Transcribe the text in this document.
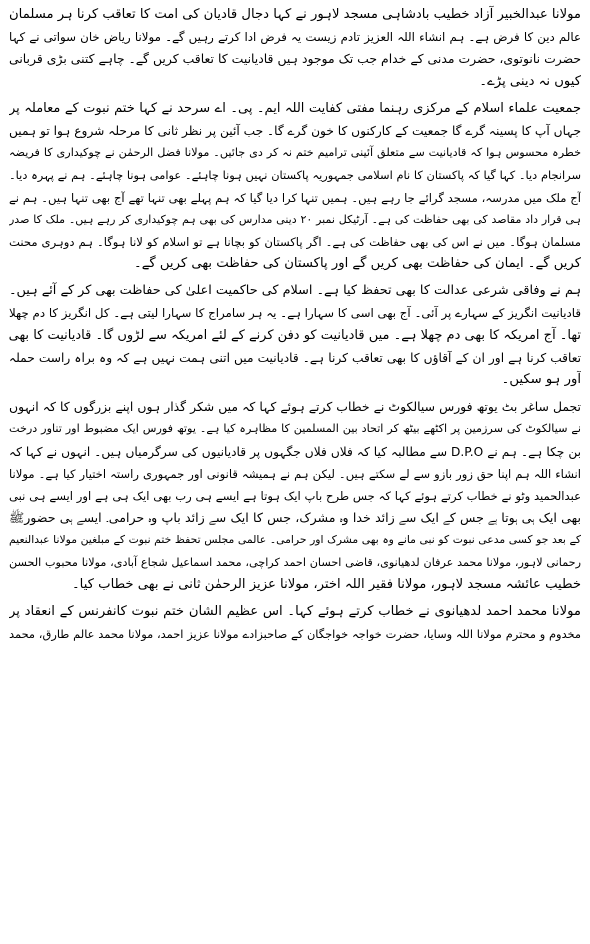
مولانا عبدالخبیر آزاد خطیب بادشاہی مسجد لاہور نے کہا دجال قادیان کی امت کا تعاقب کرنا ہر مسلمان
عالم دین کا فرض ہے۔ ہم انشاء اللہ العزیز تادم زیست یہ فرض ادا کرتے رہیں گے۔ مولانا ریاض خان سواتی نے کہا
حضرت نانوتوی، حضرت مدنی کے خدام جب تک موجود ہیں قادیانیت کا تعاقب کریں گے۔ چاہے کتنی بڑی قربانی
کیوں نہ دینی پڑے۔
جمعیت علماء اسلام کے مرکزی رہنما مفتی کفایت اللہ ایم۔ پی۔ اے سرحد نے کہا ختم نبوت کے معاملہ پر
جہاں آپ کا پسینہ گرے گا جمعیت کے کارکنوں کا خون گرے گا۔ جب آئین پر نظر ثانی کا مرحلہ شروع ہوا تو ہمیں
خطرہ محسوس ہوا کہ قادیانیت سے متعلق آئینی ترامیم ختم نہ کر دی جائیں۔ مولانا فضل الرحمٰن نے چوکیداری کا فریضہ
سرانجام دیا۔ کہا گیا کہ پاکستان کا نام اسلامی جمہوریہ پاکستان نہیں ہونا چاہئے۔ عوامی ہونا چاہئے۔ ہم نے پہرہ دیا۔
آج ملک میں مدرسہ، مسجد گرائے جا رہے ہیں۔ ہمیں تنہا کرا دیا گیا کہ ہم پہلے بھی تنہا تھے آج بھی تنہا ہیں۔ ہم نے
ہی قرار داد مقاصد کی بھی حفاظت کی ہے۔ آرٹیکل نمبر ۲۰ دینی مدارس کی بھی ہم چوکیداری کر رہے ہیں۔ ملک کا صدر
مسلمان ہوگا۔ میں نے اس کی بھی حفاظت کی ہے۔ اگر پاکستان کو بچانا ہے تو اسلام کو لانا ہوگا۔ ہم دوہری محنت
کریں گے۔ ایمان کی حفاظت بھی کریں گے اور پاکستان کی حفاظت بھی کریں گے۔
ہم نے وفاقی شرعی عدالت کا بھی تحفظ کیا ہے۔ اسلام کی حاکمیت اعلیٰ کی حفاظت بھی کر کے آئے ہیں۔
قادیانیت انگریز کے سہارے پر آئی۔ آج بھی اسی کا سہارا ہے۔ یہ ہر سامراج کا سہارا لیتی ہے۔ کل انگریز کا دم چھلا
تھا۔ آج امریکہ کا بھی دم چھلا ہے۔ میں قادیانیت کو دفن کرنے کے لئے امریکہ سے لڑوں گا۔ قادیانیت کا بھی
تعاقب کرنا ہے اور ان کے آقاؤں کا بھی تعاقب کرنا ہے۔ قادیانیت میں اتنی ہمت نہیں ہے کہ وہ براہ راست حملہ
آور ہو سکیں۔
تجمل ساغر بٹ یوتھ فورس سیالکوٹ نے خطاب کرتے ہوئے کہا کہ میں شکر گذار ہوں اپنے بزرگوں کا کہ انہوں
نے سیالکوٹ کی سرزمین پر اکٹھے بیٹھ کر اتحاد بین المسلمین کا مظاہرہ کیا ہے۔ یوتھ فورس ایک مضبوط اور تناور درخت
بن چکا ہے۔ ہم نے D.P.O سے مطالبہ کیا کہ فلاں فلاں جگہوں پر قادیانیوں کی سرگرمیاں ہیں۔ انہوں نے کہا کہ
انشاء اللہ ہم اپنا حق زور بازو سے لے سکتے ہیں۔ لیکن ہم نے ہمیشہ قانونی اور جمہوری راستہ اختیار کیا ہے۔ مولانا
عبدالحمید وٹو نے خطاب کرتے ہوئے کہا کہ جس طرح باپ ایک ہوتا ہے ایسے ہی رب بھی ایک ہی ہے اور ایسے ہی نبی
بھی ایک ہی ہوتا ہے جس کے ایک سے زائد خدا وہ مشرک، جس کا ایک سے زائد باپ وہ حرامی۔ ایسے ہی حضورﷺ
کے بعد جو کسی مدعی نبوت کو نبی مانے وہ بھی مشرک اور حرامی۔ عالمی مجلس تحفظ ختم نبوت کے مبلغین مولانا عبدالنعیم
رحمانی لاہور، مولانا محمد عرفان لدھیانوی، قاضی احسان احمد کراچی، محمد اسماعیل شجاع آبادی، مولانا محبوب الحسن
خطیب عائشہ مسجد لاہور، مولانا فقیر اللہ اختر، مولانا عزیز الرحمٰن ثانی نے بھی خطاب کیا۔
مولانا محمد احمد لدھیانوی نے خطاب کرتے ہوئے کہا۔ اس عظیم الشان ختم نبوت کانفرنس کے انعقاد پر
مخدوم و محترم مولانا اللہ وسایا، حضرت خواجہ خواجگان کے صاحبزادے مولانا عزیز احمد، مولانا محمد عالم طارق، محمد
